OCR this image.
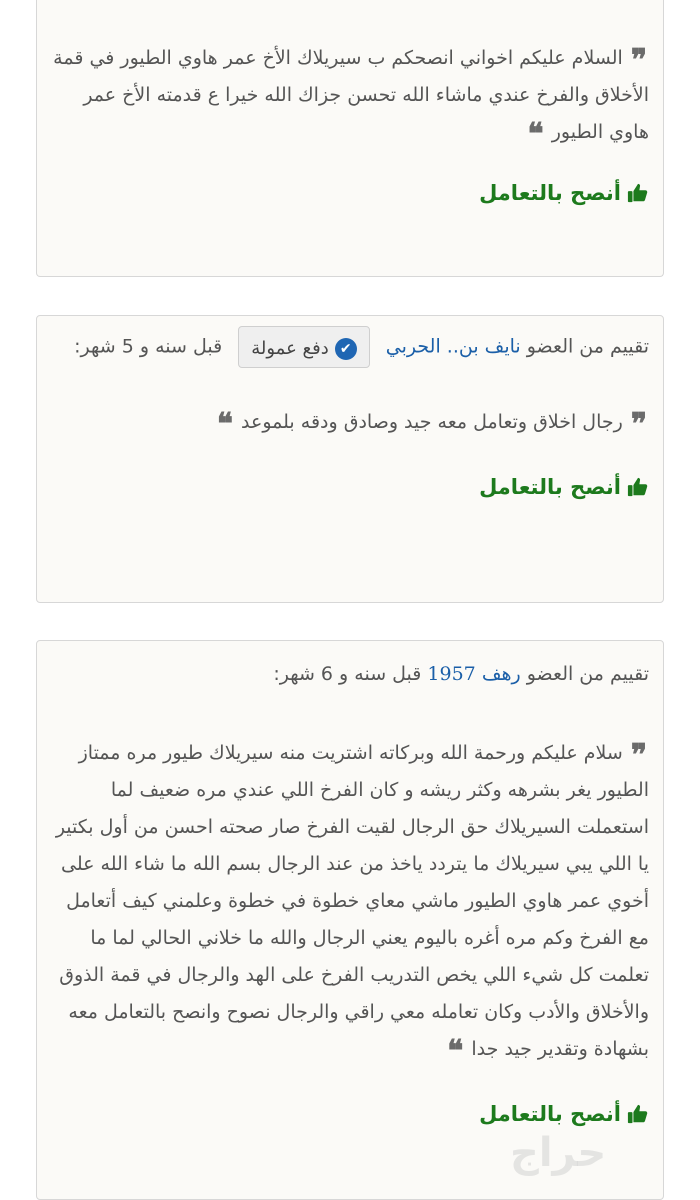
❞ السلام عليكم اخواني انصحكم ب سيريلاك الأخ عمر هاوي الطيور في قمة الأخلاق والفرخ عندي ماشاء الله تحسن جزاك الله خيرا ع قدمته الأخ عمر هاوي الطيور ❝
أنصح بالتعامل
تقييم من العضو نايف بن.. الحربي ✔دفع عمولة قبل سنه و 5 شهر:
❞ رجال اخلاق وتعامل معه جيد وصادق ودقه بلموعد ❝
أنصح بالتعامل
تقييم من العضو رهف 1957 قبل سنه و 6 شهر:
❞ سلام عليكم ورحمة الله وبركاته اشتريت منه سيريلاك طيور مره ممتاز الطيور يغر بشرهه وكثر ريشه و كان الفرخ اللي عندي مره ضعيف لما استعملت السيريلاك حق الرجال لقيت الفرخ صار صحته احسن من أول بكتير يا اللي يبي سيريلاك ما يتردد ياخذ من عند الرجال بسم الله ما شاء الله على أخوي عمر هاوي الطيور ماشي معاي خطوة في خطوة وعلمني كيف أتعامل مع الفرخ وكم مره أغره باليوم يعني الرجال والله ما خلاني الحالي لما ما تعلمت كل شيء اللي يخص التدريب الفرخ على الهد والرجال في قمة الذوق والأخلاق والأدب وكان تعامله معي راقي والرجال نصوح وانصح بالتعامل معه بشهادة وتقدير جيد جدا ❝
أنصح بالتعامل
حراج
